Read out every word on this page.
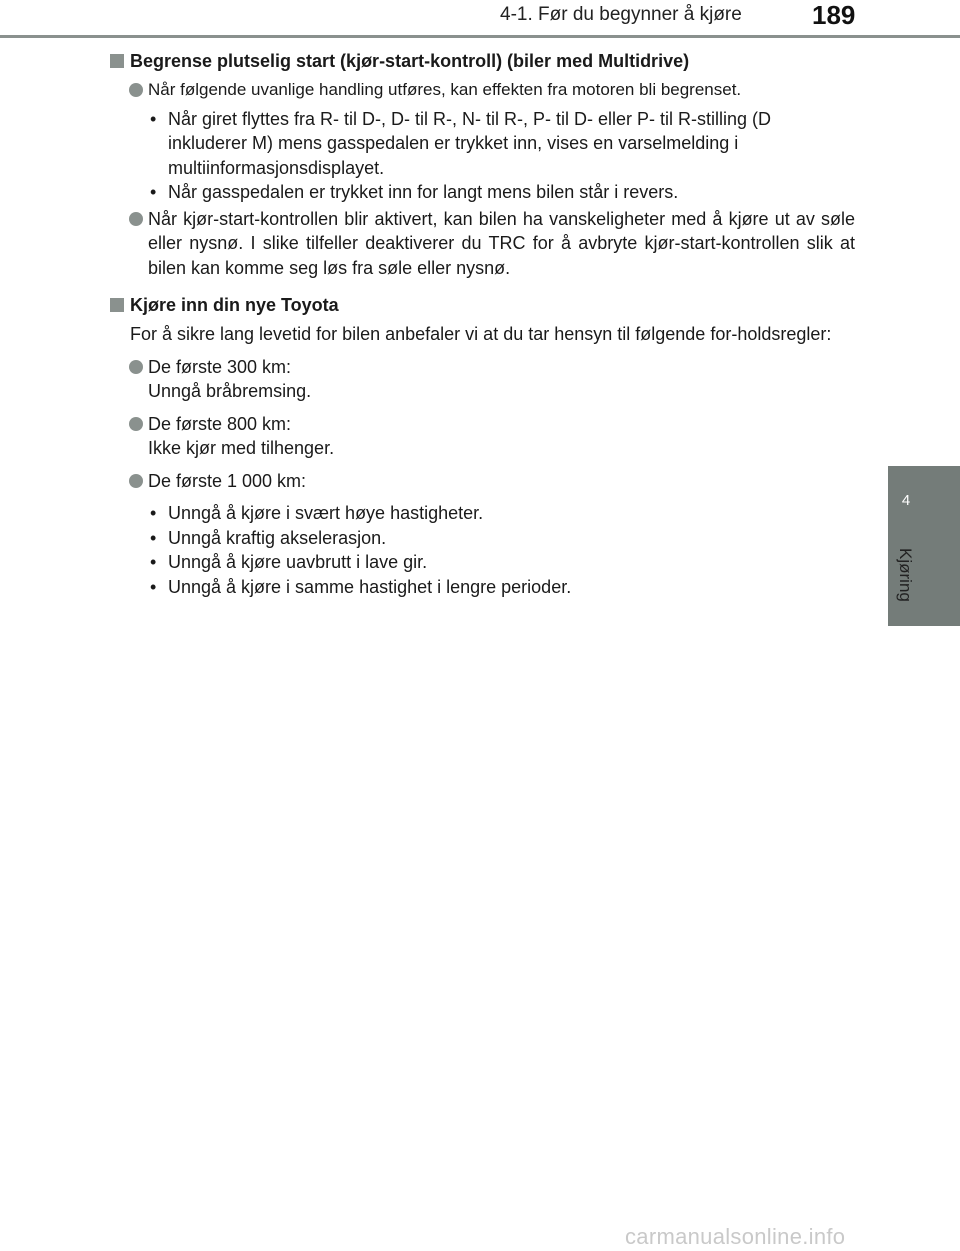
4-1. Før du begynner å kjøre	189
4
Kjøring
Begrense plutselig start (kjør-start-kontroll) (biler med Multidrive)
Når følgende uvanlige handling utføres, kan effekten fra motoren bli begrenset.
• Når giret flyttes fra R- til D-, D- til R-, N- til R-, P- til D- eller P- til R-stilling (D inkluderer M) mens gasspedalen er trykket inn, vises en varselmelding i multiinformasjonsdisplayet.
• Når gasspedalen er trykket inn for langt mens bilen står i revers.
Når kjør-start-kontrollen blir aktivert, kan bilen ha vanskeligheter med å kjøre ut av søle eller nysnø. I slike tilfeller deaktiverer du TRC for å avbryte kjør-start-kontrollen slik at bilen kan komme seg løs fra søle eller nysnø.
Kjøre inn din nye Toyota
For å sikre lang levetid for bilen anbefaler vi at du tar hensyn til følgende for-holdsregler:
De første 300 km:
Unngå bråbremsing.
De første 800 km:
Ikke kjør med tilhenger.
De første 1 000 km:
• Unngå å kjøre i svært høye hastigheter.
• Unngå kraftig akselerasjon.
• Unngå å kjøre uavbrutt i lave gir.
• Unngå å kjøre i samme hastighet i lengre perioder.
carmanualsonline.info
